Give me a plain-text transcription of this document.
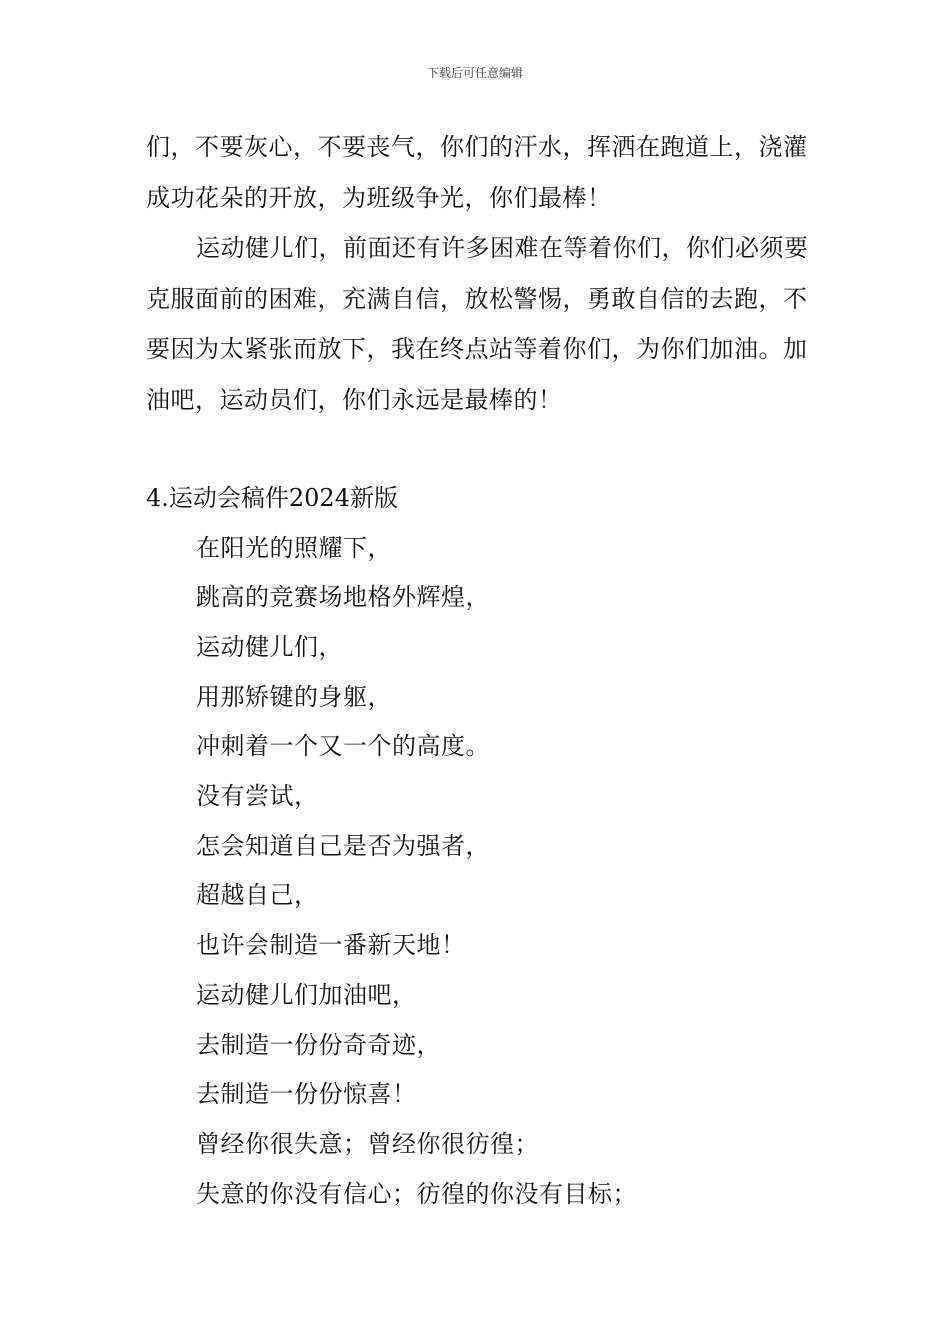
下载后可任意编辑

们，不要灰心，不要丧气，你们的汗水，挥洒在跑道上，浇灌成功花朵的开放，为班级争光，你们最棒！

运动健儿们，前面还有许多困难在等着你们，你们必须要克服面前的困难，充满自信，放松警惕，勇敢自信的去跑，不要因为太紧张而放下，我在终点站等着你们，为你们加油。加油吧，运动员们，你们永远是最棒的！

4.运动会稿件2024新版

在阳光的照耀下，

跳高的竞赛场地格外辉煌，

运动健儿们，

用那矫键的身躯，

冲刺着一个又一个的高度。

没有尝试，

怎会知道自己是否为强者，

超越自己，

也许会制造一番新天地！

运动健儿们加油吧，

去制造一份份奇奇迹，

去制造一份份惊喜！

曾经你很失意；曾经你很彷徨；

失意的你没有信心；彷徨的你没有目标；
